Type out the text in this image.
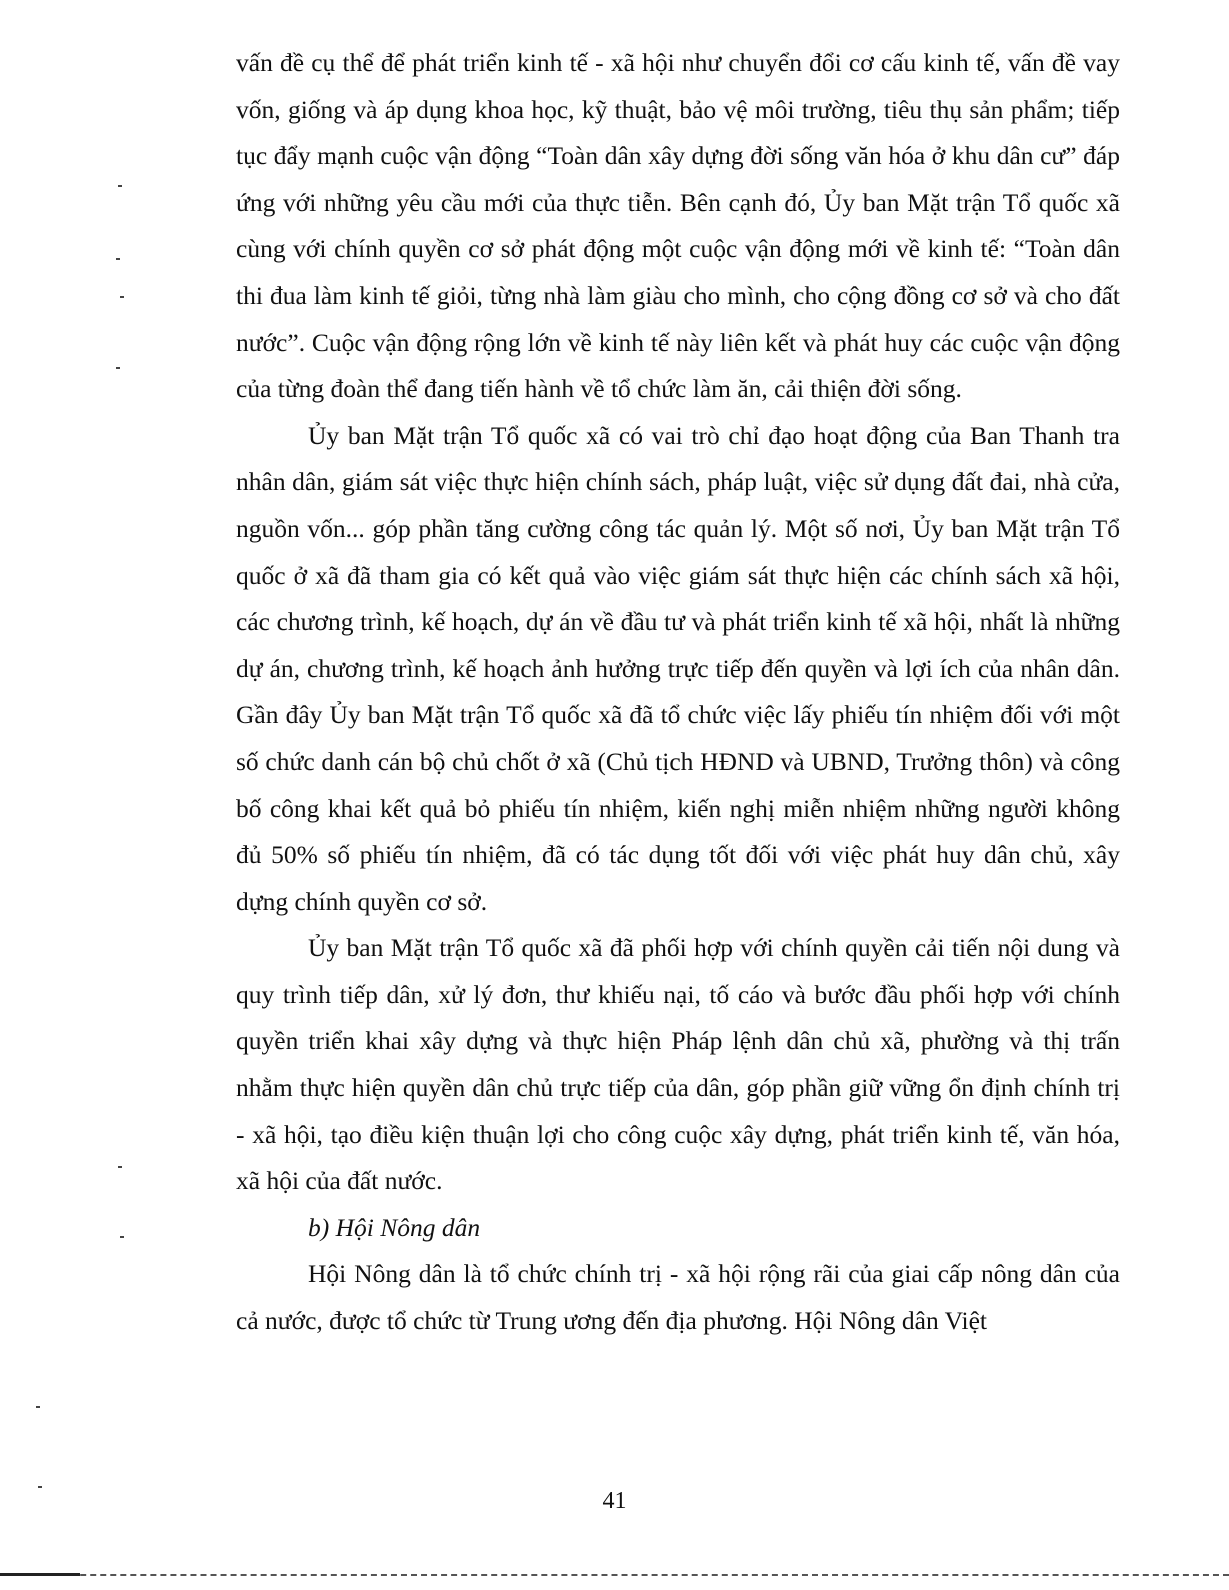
vấn đề cụ thể để phát triển kinh tế - xã hội như chuyển đổi cơ cấu kinh tế, vấn đề vay vốn, giống và áp dụng khoa học, kỹ thuật, bảo vệ môi trường, tiêu thụ sản phẩm; tiếp tục đẩy mạnh cuộc vận động “Toàn dân xây dựng đời sống văn hóa ở khu dân cư” đáp ứng với những yêu cầu mới của thực tiễn. Bên cạnh đó, Ủy ban Mặt trận Tổ quốc xã cùng với chính quyền cơ sở phát động một cuộc vận động mới về kinh tế: “Toàn dân thi đua làm kinh tế giỏi, từng nhà làm giàu cho mình, cho cộng đồng cơ sở và cho đất nước”. Cuộc vận động rộng lớn về kinh tế này liên kết và phát huy các cuộc vận động của từng đoàn thể đang tiến hành về tổ chức làm ăn, cải thiện đời sống.

Ủy ban Mặt trận Tổ quốc xã có vai trò chỉ đạo hoạt động của Ban Thanh tra nhân dân, giám sát việc thực hiện chính sách, pháp luật, việc sử dụng đất đai, nhà cửa, nguồn vốn... góp phần tăng cường công tác quản lý. Một số nơi, Ủy ban Mặt trận Tổ quốc ở xã đã tham gia có kết quả vào việc giám sát thực hiện các chính sách xã hội, các chương trình, kế hoạch, dự án về đầu tư và phát triển kinh tế xã hội, nhất là những dự án, chương trình, kế hoạch ảnh hưởng trực tiếp đến quyền và lợi ích của nhân dân. Gần đây Ủy ban Mặt trận Tổ quốc xã đã tổ chức việc lấy phiếu tín nhiệm đối với một số chức danh cán bộ chủ chốt ở xã (Chủ tịch HĐND và UBND, Trưởng thôn) và công bố công khai kết quả bỏ phiếu tín nhiệm, kiến nghị miễn nhiệm những người không đủ 50% số phiếu tín nhiệm, đã có tác dụng tốt đối với việc phát huy dân chủ, xây dựng chính quyền cơ sở.

Ủy ban Mặt trận Tổ quốc xã đã phối hợp với chính quyền cải tiến nội dung và quy trình tiếp dân, xử lý đơn, thư khiếu nại, tố cáo và bước đầu phối hợp với chính quyền triển khai xây dựng và thực hiện Pháp lệnh dân chủ xã, phường và thị trấn nhằm thực hiện quyền dân chủ trực tiếp của dân, góp phần giữ vững ổn định chính trị - xã hội, tạo điều kiện thuận lợi cho công cuộc xây dựng, phát triển kinh tế, văn hóa, xã hội của đất nước.

b) Hội Nông dân

Hội Nông dân là tổ chức chính trị - xã hội rộng rãi của giai cấp nông dân của cả nước, được tổ chức từ Trung ương đến địa phương. Hội Nông dân Việt

41
